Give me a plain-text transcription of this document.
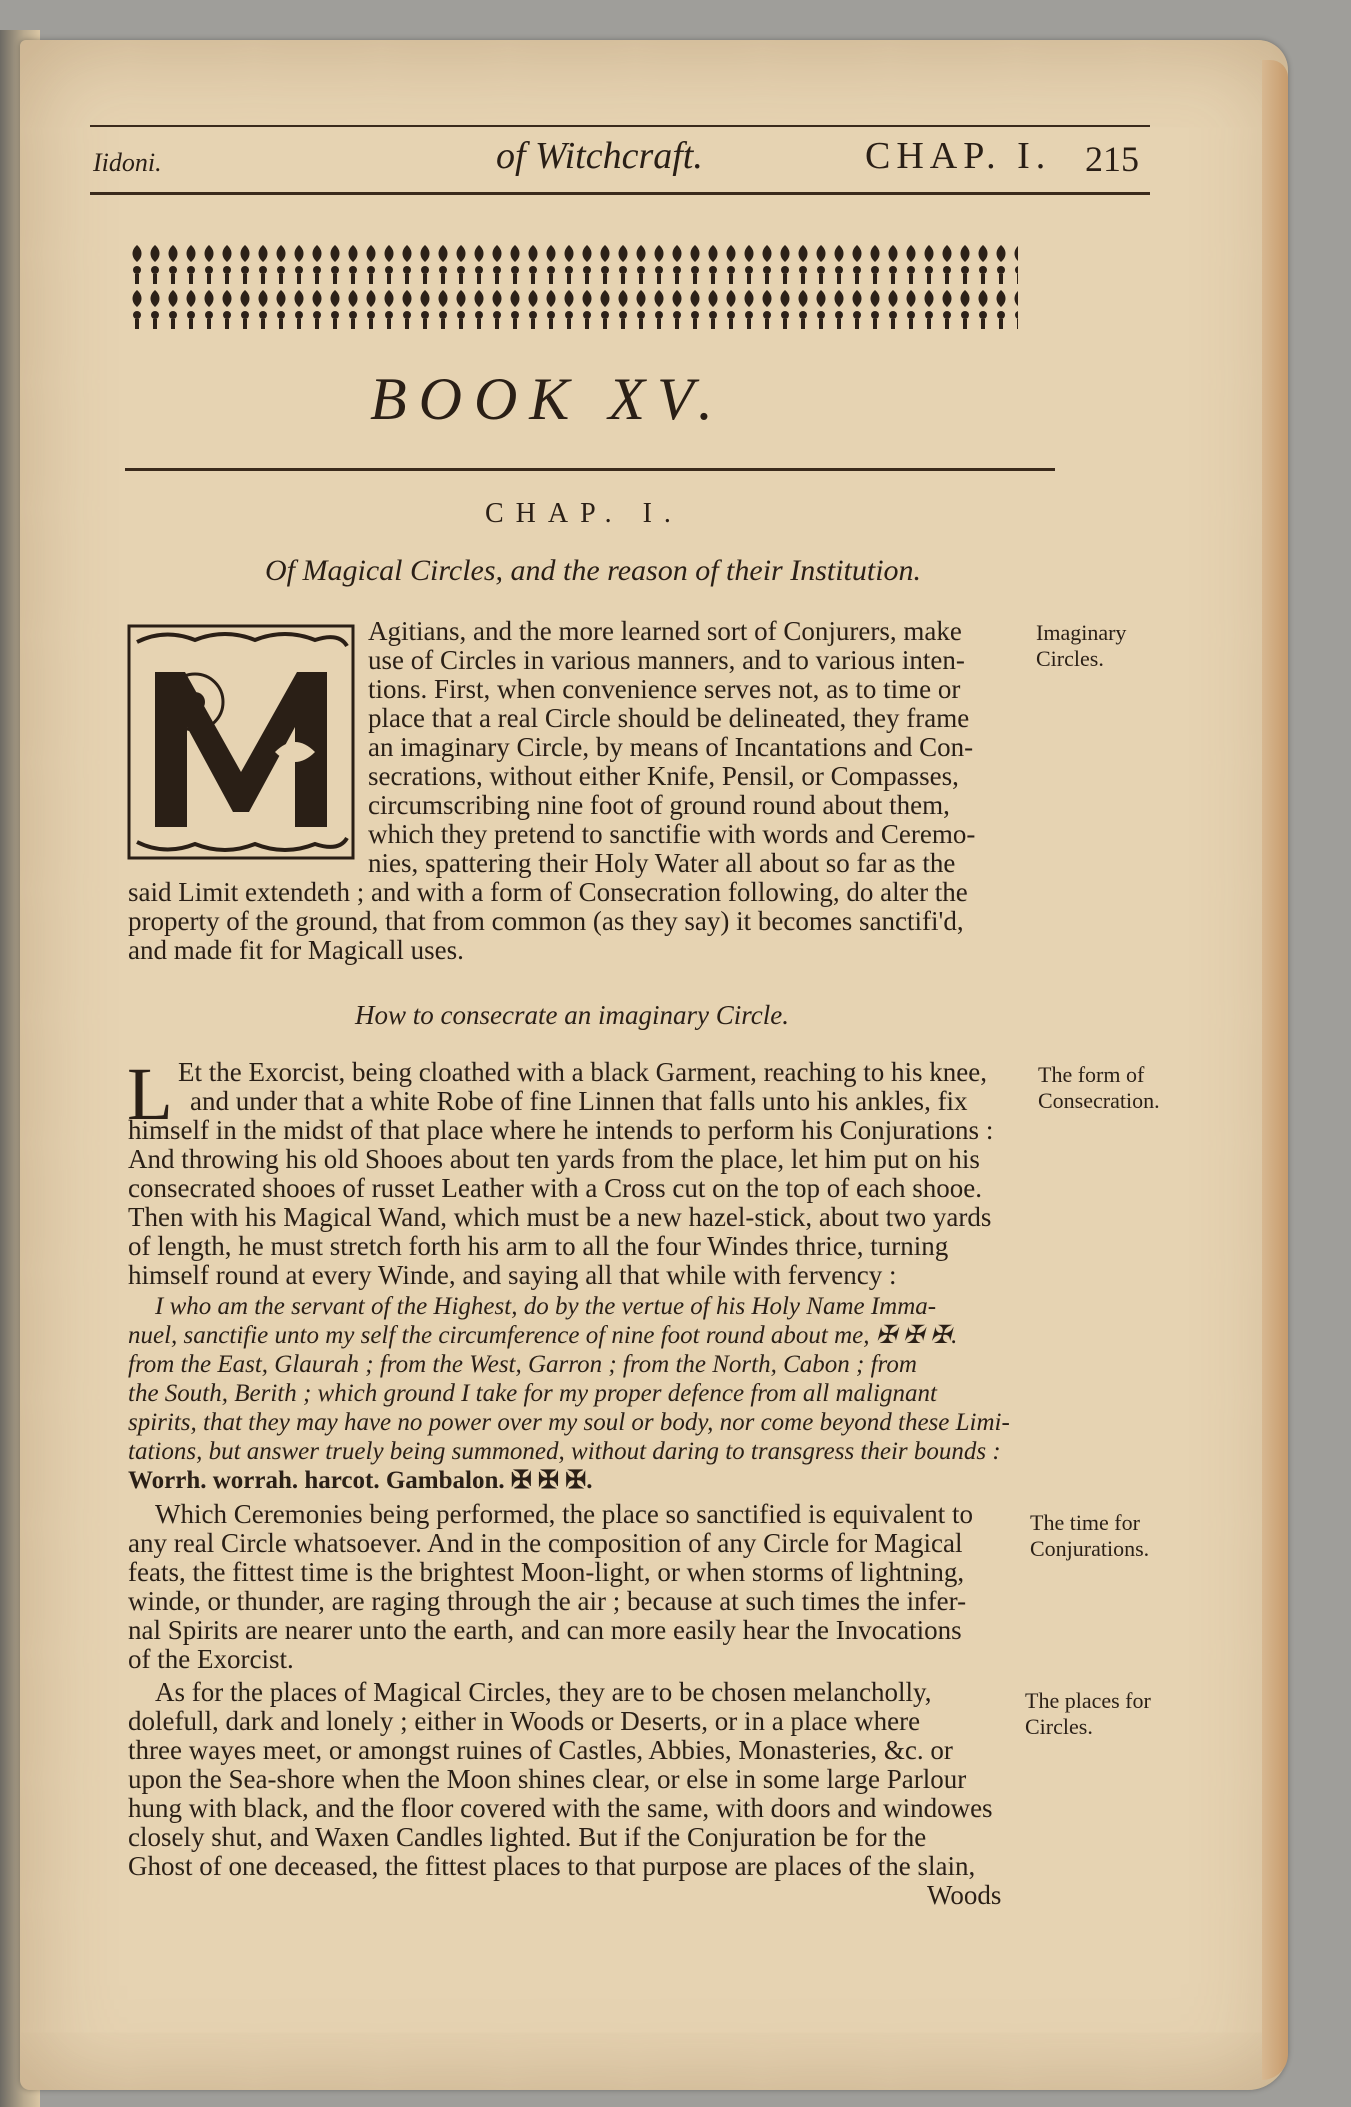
Iidoni.	of Witchcraft.	CHAP. I. 215
BOOK XV.
CHAP. I.
Of Magical Circles, and the reason of their Institution.
Agitians, and the more learned sort of Conjurers, make
use of Circles in various manners, and to various inten-
tions. First, when convenience serves not, as to time or
place that a real Circle should be delineated, they frame
an imaginary Circle, by means of Incantations and Con-
secrations, without either Knife, Pensil, or Compasses,
circumscribing nine foot of ground round about them,
which they pretend to sanctifie with words and Ceremo-
nies, spattering their Holy Water all about so far as the
said Limit extendeth ; and with a form of Consecration following, do alter the
property of the ground, that from common (as they say) it becomes sanctifi'd,
and made fit for Magicall uses.
How to consecrate an imaginary Circle.
L Et the Exorcist, being cloathed with a black Garment, reaching to his knee,
and under that a white Robe of fine Linnen that falls unto his ankles, fix
himself in the midst of that place where he intends to perform his Conjurations :
And throwing his old Shooes about ten yards from the place, let him put on his
consecrated shooes of russet Leather with a Cross cut on the top of each shooe.
Then with his Magical Wand, which must be a new hazel-stick, about two yards
of length, he must stretch forth his arm to all the four Windes thrice, turning
himself round at every Winde, and saying all that while with fervency :
I who am the servant of the Highest, do by the vertue of his Holy Name Imma-
nuel, sanctifie unto my self the circumference of nine foot round about me, ✠ ✠ ✠.
from the East, Glaurah ; from the West, Garron ; from the North, Cabon ; from
the South, Berith ; which ground I take for my proper defence from all malignant
spirits, that they may have no power over my soul or body, nor come beyond these Limi-
tations, but answer truely being summoned, without daring to transgress their bounds :
Worrh. worrah. harcot. Gambalon. ✠ ✠ ✠.
Which Ceremonies being performed, the place so sanctified is equivalent to
any real Circle whatsoever. And in the composition of any Circle for Magical
feats, the fittest time is the brightest Moon-light, or when storms of lightning,
winde, or thunder, are raging through the air ; because at such times the infer-
nal Spirits are nearer unto the earth, and can more easily hear the Invocations
of the Exorcist.
As for the places of Magical Circles, they are to be chosen melancholly,
dolefull, dark and lonely ; either in Woods or Deserts, or in a place where
three wayes meet, or amongst ruines of Castles, Abbies, Monasteries, &c. or
upon the Sea-shore when the Moon shines clear, or else in some large Parlour
hung with black, and the floor covered with the same, with doors and windowes
closely shut, and Waxen Candles lighted. But if the Conjuration be for the
Ghost of one deceased, the fittest places to that purpose are places of the slain,
Woods
Imaginary
Circles.
The form of
Consecration.
The time for
Conjurations.
The places for
Circles.
